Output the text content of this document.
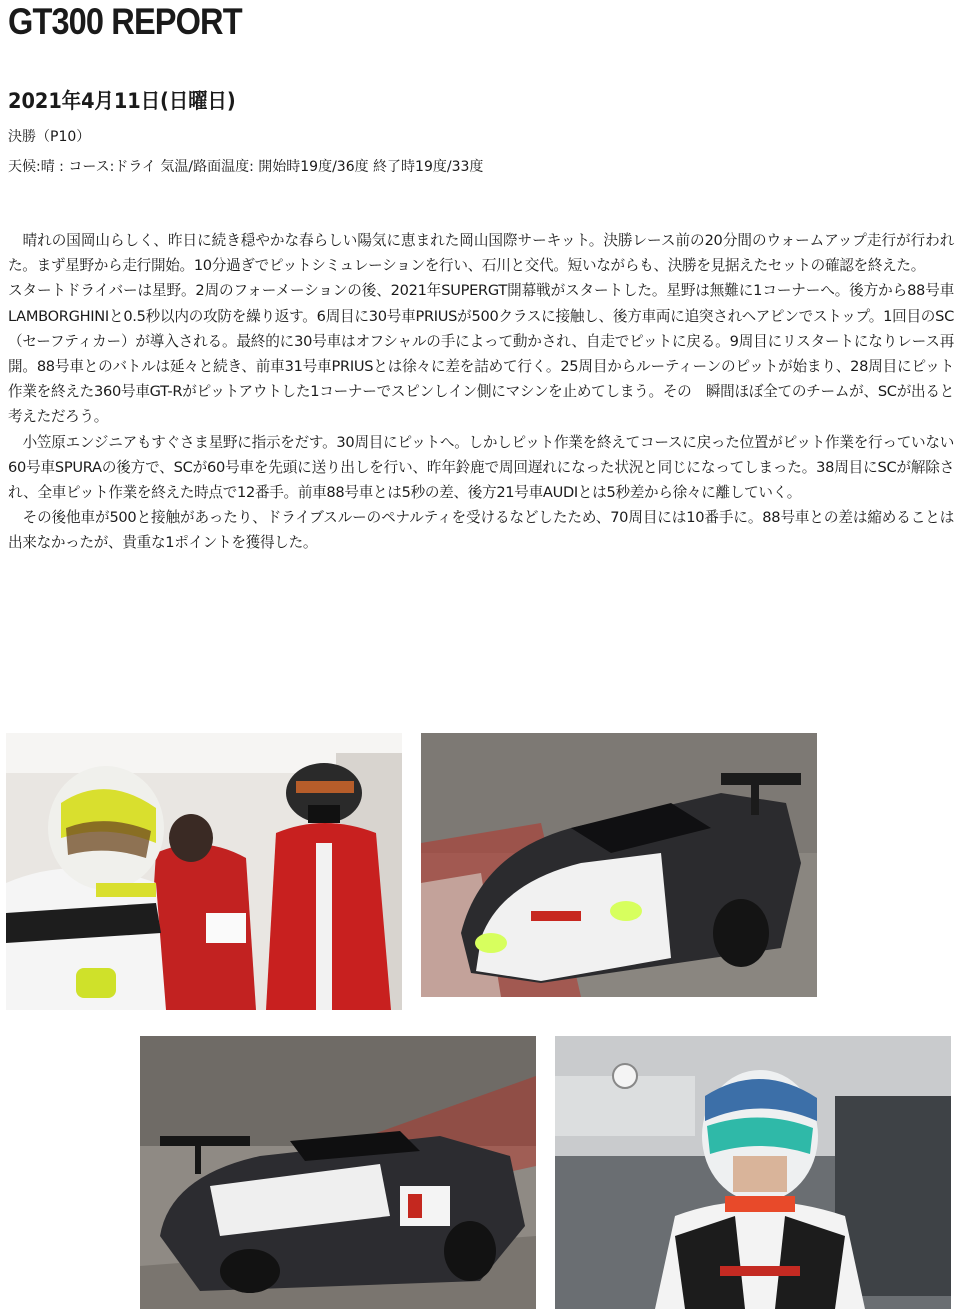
GT300 REPORT
2021年4月11日(日曜日)

決勝（P10）

天候:晴 : コース:ドライ 気温/路面温度: 開始時19度/36度 終了時19度/33度

晴れの国岡山らしく、昨日に続き穏やかな春らしい陽気に恵まれた岡山国際サーキット。決勝レース前の20分間のウォームアップ走行が行われた。まず星野から走行開始。10分過ぎでピットシミュレーションを行い、石川と交代。短いながらも、決勝を見据えたセットの確認を終えた。

スタートドライバーは星野。2周のフォーメーションの後、2021年SUPERGT開幕戦がスタートした。星野は無難に1コーナーへ。後方から88号車LAMBORGHINIと0.5秒以内の攻防を繰り返す。6周目に30号車PRIUSが500クラスに接触し、後方車両に追突されヘアピンでストップ。1回目のSC（セーフティカー）が導入される。最終的に30号車はオフシャルの手によって動かされ、自走でピットに戻る。9周目にリスタートになりレース再開。88号車とのバトルは延々と続き、前車31号車PRIUSとは徐々に差を詰めて行く。25周目からルーティーンのピットが始まり、28周目にピット作業を終えた360号車GT-Rがピットアウトした1コーナーでスピンしイン側にマシンを止めてしまう。その　瞬間ほぼ全てのチームが、SCが出ると考えただろう。

小笠原エンジニアもすぐさま星野に指示をだす。30周目にピットへ。しかしピット作業を終えてコースに戻った位置がピット作業を行っていない60号車SPURAの後方で、SCが60号車を先頭に送り出しを行い、昨年鈴鹿で周回遅れになった状況と同じになってしまった。38周目にSCが解除され、全車ピット作業を終えた時点で12番手。前車88号車とは5秒の差、後方21号車AUDIとは5秒差から徐々に離していく。

その後他車が500と接触があったり、ドライブスルーのペナルティを受けるなどしたため、70周目には10番手に。88号車との差は縮めることは出来なかったが、貴重な1ポイントを獲得した。
